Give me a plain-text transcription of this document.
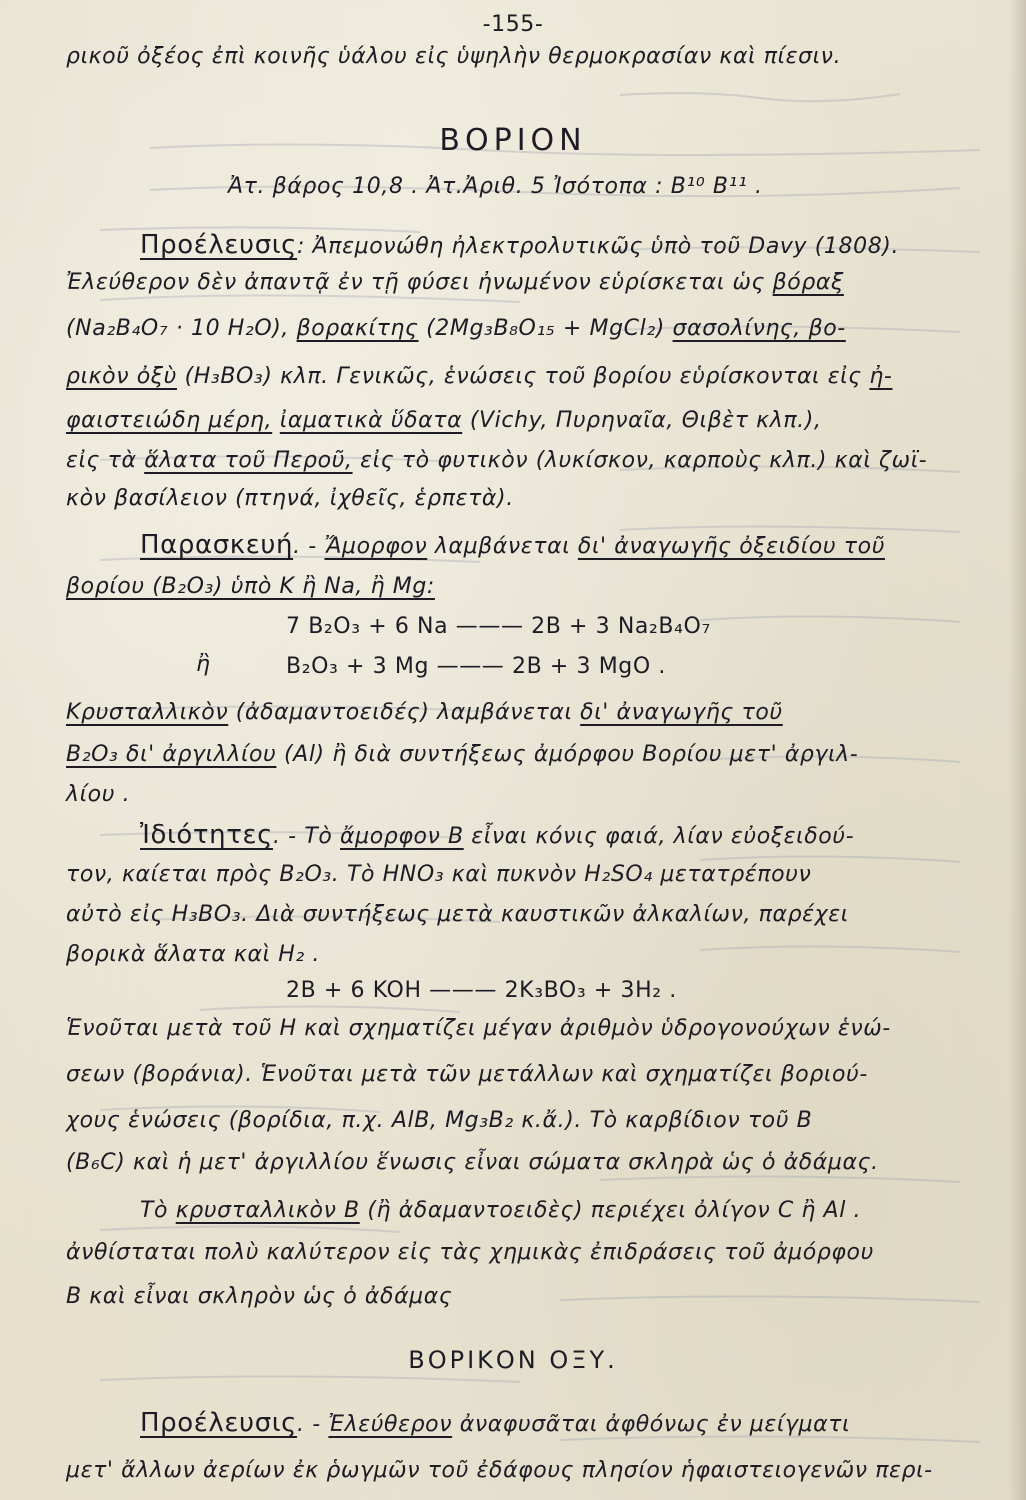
-155-
ρικοῦ ὀξέος ἐπὶ κοινῆς ὑάλου εἰς ὑψηλὴν θερμοκρασίαν καὶ πίεσιν.
ΒΟΡΙΟΝ
Ἀτ. βάρος 10,8 . Ἀτ.Ἀριθ. 5 Ἰσότοπα : B¹⁰ B¹¹ .
Προέλευσις: Ἀπεμονώθη ἠλεκτρολυτικῶς ὑπὸ τοῦ Davy (1808).
Ἐλεύθερον δὲν ἀπαντᾷ ἐν τῇ φύσει ἠνωμένον εὑρίσκεται ὡς βόραξ
(Na₂B₄O₇ · 10 H₂O), βορακίτης (2Mg₃B₈O₁₅ + MgCl₂) σασολίνης, βο-
ρικὸν ὀξὺ (H₃BO₃) κλπ. Γενικῶς, ἑνώσεις τοῦ βορίου εὑρίσκονται εἰς ἠ-
φαιστειώδη μέρη, ἰαματικὰ ὕδατα (Vichy, Πυρηναῖα, Θιβὲτ κλπ.),
εἰς τὰ ἅλατα τοῦ Περοῦ, εἰς τὸ φυτικὸν (λυκίσκον, καρποὺς κλπ.) καὶ ζωϊ-
κὸν βασίλειον (πτηνά, ἰχθεῖς, ἑρπετὰ).
Παρασκευή. - Ἄμορφον λαμβάνεται δι' ἀναγωγῆς ὀξειδίου τοῦ
βορίου (B₂O₃) ὑπὸ K ἢ Na, ἢ Mg:
7 B₂O₃ + 6 Na ——— 2B + 3 Na₂B₄O₇
ἢ	B₂O₃ + 3 Mg ——— 2B + 3 MgO .
Κρυσταλλικὸν (ἀδαμαντοειδές) λαμβάνεται δι' ἀναγωγῆς τοῦ
B₂O₃ δι' ἀργιλλίου (Al) ἢ διὰ συντήξεως ἀμόρφου Βορίου μετ' ἀργιλ-
λίου .
Ἰδιότητες. - Τὸ ἄμορφον B εἶναι κόνις φαιά, λίαν εὐοξειδού-
τον, καίεται πρὸς B₂O₃. Τὸ HNO₃ καὶ πυκνὸν H₂SO₄ μετατρέπουν
αὐτὸ εἰς H₃BO₃. Διὰ συντήξεως μετὰ καυστικῶν ἀλκαλίων, παρέχει
βορικὰ ἅλατα καὶ H₂ .
2B + 6 KOH ——— 2K₃BO₃ + 3H₂ .
Ἑνοῦται μετὰ τοῦ H καὶ σχηματίζει μέγαν ἀριθμὸν ὑδρογονούχων ἑνώ-
σεων (βοράνια). Ἑνοῦται μετὰ τῶν μετάλλων καὶ σχηματίζει βοριού-
χους ἑνώσεις (βορίδια, π.χ. AlB, Mg₃B₂ κ.ἄ.). Τὸ καρβίδιον τοῦ B
(B₆C) καὶ ἡ μετ' ἀργιλλίου ἕνωσις εἶναι σώματα σκληρὰ ὡς ὁ ἀδάμας.
Τὸ κρυσταλλικὸν B (ἢ ἀδαμαντοειδὲς) περιέχει ὀλίγον C ἢ Al .
ἀνθίσταται πολὺ καλύτερον εἰς τὰς χημικὰς ἐπιδράσεις τοῦ ἀμόρφου
B καὶ εἶναι σκληρὸν ὡς ὁ ἀδάμας
ΒΟΡΙΚΟΝ ΟΞΥ.
Προέλευσις. - Ἐλεύθερον ἀναφυσᾶται ἀφθόνως ἐν μείγματι
μετ' ἄλλων ἀερίων ἐκ ῥωγμῶν τοῦ ἐδάφους πλησίον ἡφαιστειογενῶν περι-
